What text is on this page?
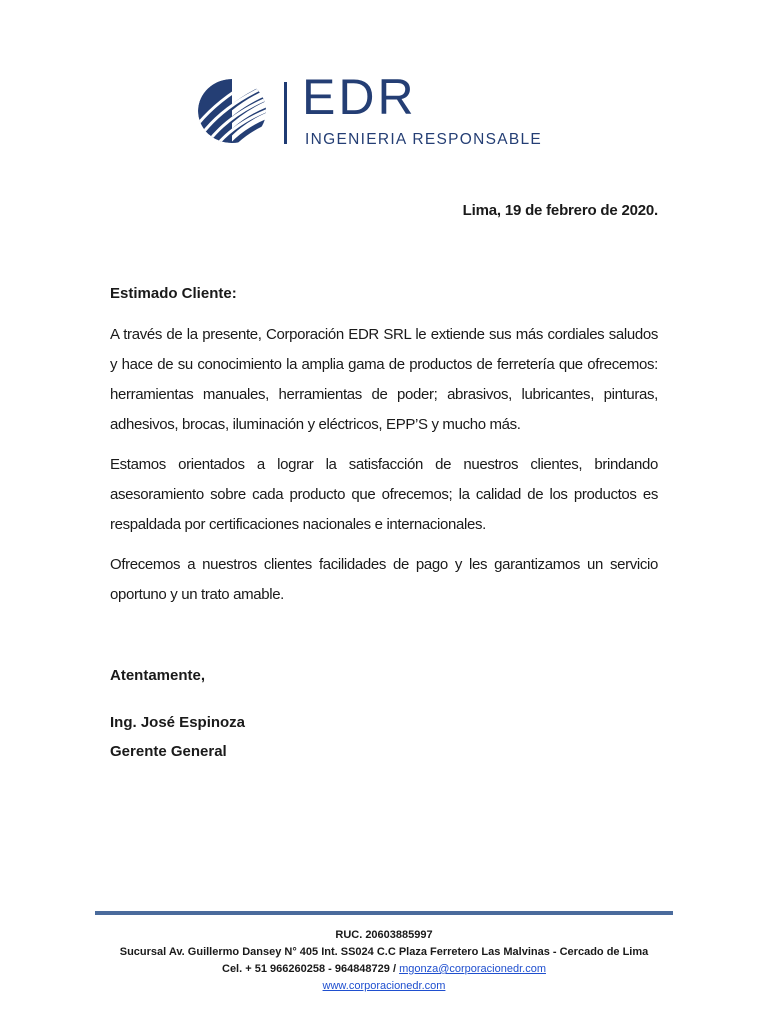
EDR
INGENIERIA RESPONSABLE
Lima, 19 de febrero de 2020.
Estimado Cliente:

A través de la presente, Corporación EDR SRL le extiende sus más cordiales saludos y hace de su conocimiento la amplia gama de productos de ferretería que ofrecemos: herramientas manuales, herramientas de poder; abrasivos, lubricantes, pinturas, adhesivos, brocas, iluminación y eléctricos, EPP’S y mucho más.

Estamos orientados a lograr la satisfacción de nuestros clientes, brindando asesoramiento sobre cada producto que ofrecemos; la calidad de los productos es respaldada por certificaciones nacionales e internacionales.

Ofrecemos a nuestros clientes facilidades de pago y les garantizamos un servicio oportuno y un trato amable.

Atentamente,
Ing. José Espinoza
Gerente General
RUC. 20603885997
Sucursal Av. Guillermo Dansey N° 405 Int. SS024 C.C Plaza Ferretero Las Malvinas - Cercado de Lima
Cel. + 51 966260258 - 964848729 / mgonza@corporacionedr.com
www.corporacionedr.com
